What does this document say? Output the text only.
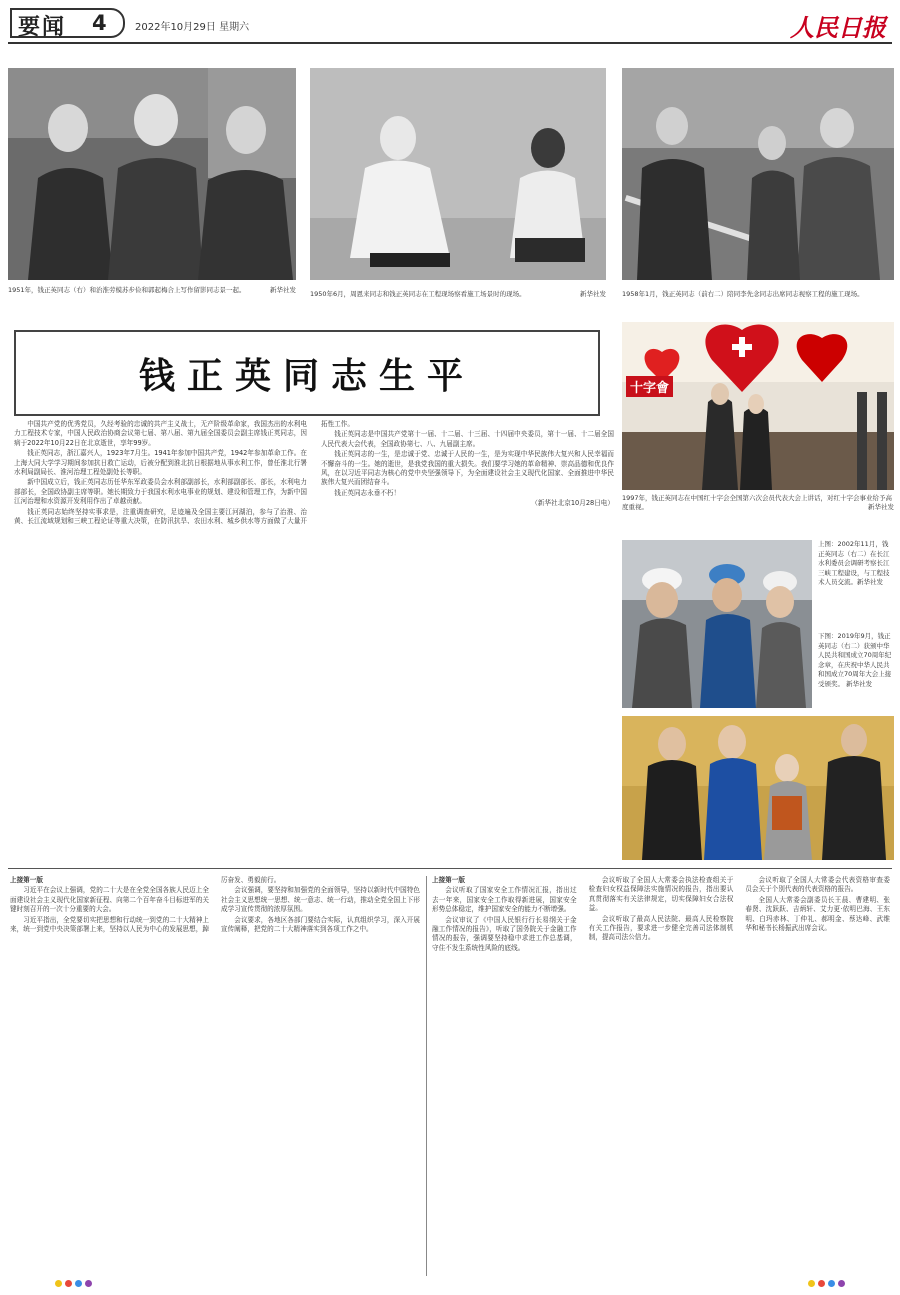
要闻 4	2022年10月29日 星期六	人民日报
1951年，钱正英同志（右）和治淮劳模苏步俭和郭起梅合上写作留影同志景一起。	新华社发 1950年6月，周恩来同志和钱正英同志在工程现场察看施工场景时的现场。	新华社发 1958年1月，钱正英同志（前右二）陪同李先念同志出席同志视察工程的施工现场。
钱正英同志生平	十字會
1997年，钱正英同志在中国红十字会全国第六次会员代表大会上讲话，对红十字会事业给予高度重视。	新华社发
上图：2002年11月，钱正英同志（右二）在长江水利委员会调研考察长江三峡工程建设，与工程技术人员交流。新华社发
下图：2019年9月，钱正英同志（右二）获颁中华人民共和国成立70周年纪念章，在庆祝中华人民共和国成立70周年大会上接受颁奖。 新华社发

中国共产党的优秀党员，久经考验的忠诚的共产主义战士，无产阶级革命家，我国杰出的水利电力工程技术专家，中国人民政治协商会议第七届、第八届、第九届全国委员会副主席钱正英同志，因病于2022年10月22日在北京逝世，享年99岁。

钱正英同志，浙江嘉兴人，1923年7月生。1941年参加中国共产党，1942年参加革命工作。在上海大同大学学习期间参加抗日救亡运动，后被分配到淮北抗日根据地从事水利工作，曾任淮北行署水利局副局长、淮河治理工程处副处长等职。

新中国成立后，钱正英同志历任华东军政委员会水利部副部长，水利部副部长、部长，水利电力部部长，全国政协副主席等职。她长期致力于我国水利水电事业的规划、建设和管理工作，为新中国江河治理和水资源开发利用作出了卓越贡献。

钱正英同志始终坚持实事求是，注重调查研究，足迹遍及全国主要江河湖泊，参与了治淮、治黄、长江流域规划和三峡工程论证等重大决策，在防汛抗旱、农田水利、城乡供水等方面做了大量开拓性工作。

钱正英同志是中国共产党第十一届、十二届、十三届、十四届中央委员，第十一届、十二届全国人民代表大会代表，全国政协第七、八、九届副主席。

钱正英同志的一生，是忠诚于党、忠诚于人民的一生，是为实现中华民族伟大复兴和人民幸福而不懈奋斗的一生。她的逝世，是我党我国的重大损失。我们要学习她的革命精神、崇高品德和优良作风，在以习近平同志为核心的党中央坚强领导下，为全面建设社会主义现代化国家、全面推进中华民族伟大复兴而团结奋斗。

钱正英同志永垂不朽！

（新华社北京10月28日电）

上接第一版

习近平在会议上强调，党的二十大是在全党全国各族人民迈上全面建设社会主义现代化国家新征程、向第二个百年奋斗目标进军的关键时刻召开的一次十分重要的大会。

习近平指出，全党要切实把思想和行动统一到党的二十大精神上来，统一到党中央决策部署上来，坚持以人民为中心的发展思想，踔厉奋发、勇毅前行。

会议强调，要坚持和加强党的全面领导，坚持以新时代中国特色社会主义思想统一思想、统一意志、统一行动，推动全党全国上下形成学习宣传贯彻的浓厚氛围。

会议要求，各地区各部门要结合实际，认真组织学习，深入开展宣传阐释，把党的二十大精神落实到各项工作之中。

上接第一版

会议听取了国家安全工作情况汇报，指出过去一年来，国家安全工作取得新进展，国家安全形势总体稳定，维护国家安全的能力不断增强。

会议审议了《中国人民银行行长易纲关于金融工作情况的报告》，听取了国务院关于金融工作情况的报告，强调要坚持稳中求进工作总基调，守住不发生系统性风险的底线。

会议听取了全国人大常委会执法检查组关于检查妇女权益保障法实施情况的报告，指出要认真贯彻落实有关法律规定，切实保障妇女合法权益。

会议听取了最高人民法院、最高人民检察院有关工作报告，要求进一步健全完善司法体制机制，提高司法公信力。

会议听取了全国人大常委会代表资格审查委员会关于个别代表的代表资格的报告。

全国人大常委会副委员长王晨、曹建明、张春贤、沈跃跃、吉炳轩、艾力更·依明巴海、王东明、白玛赤林、丁仲礼、郝明金、蔡达峰、武维华和秘书长杨振武出席会议。
